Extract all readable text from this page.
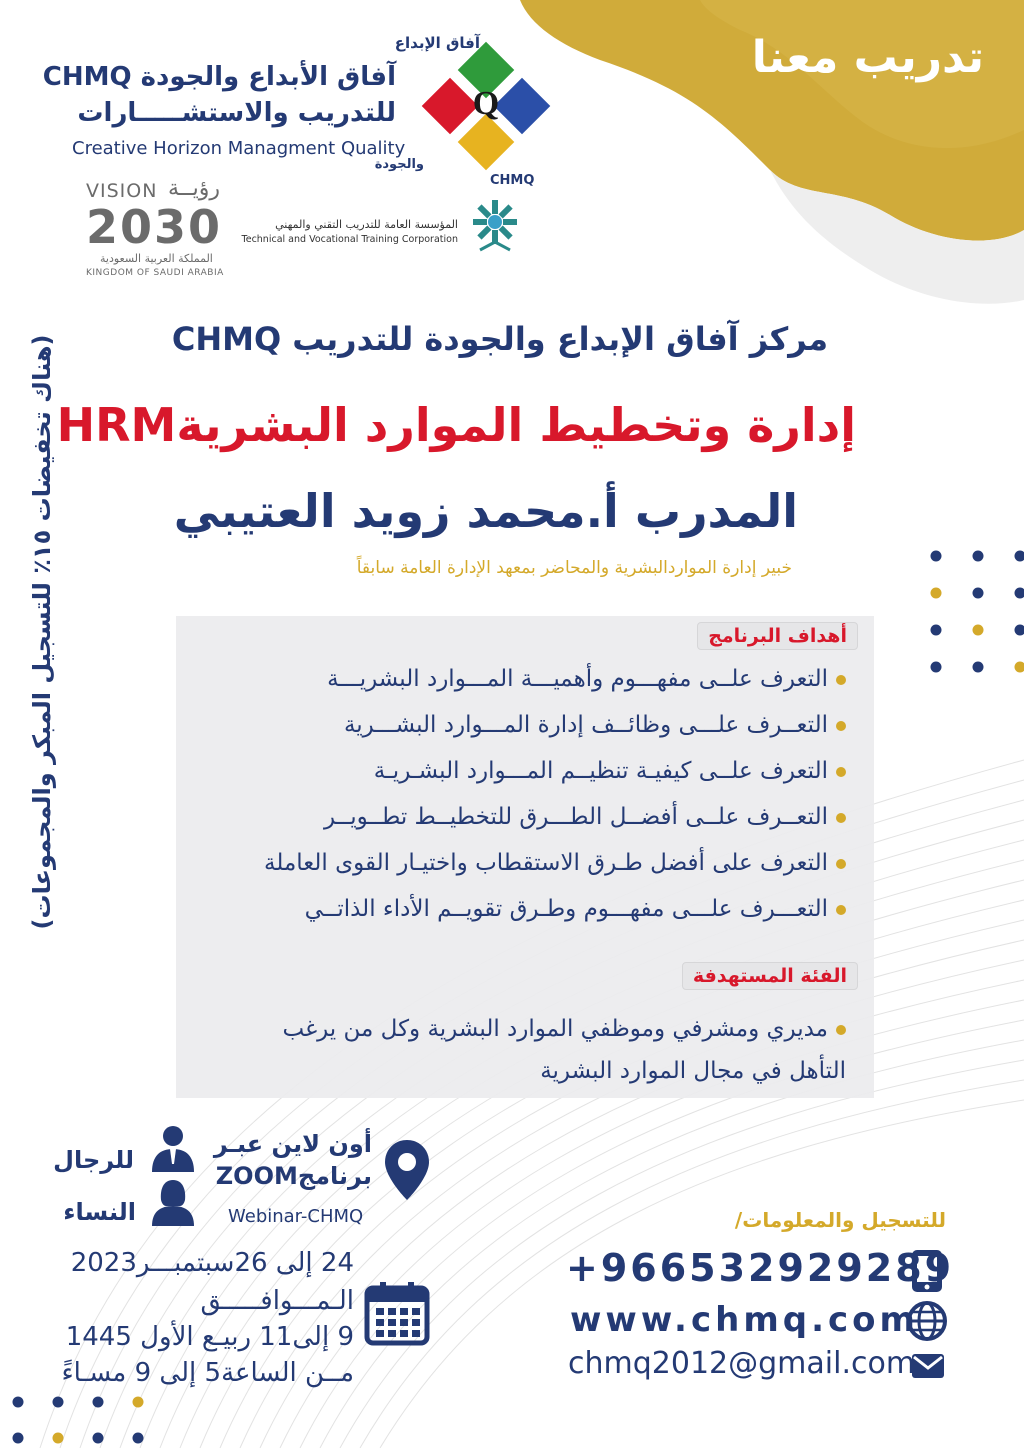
تدريب معنا
آفاق الأبداع والجودة CHMQ
للتدريب والاستشـــــارات
Creative Horizon Managment Quality
Q
آفاق الإبداع
CHMQ
والجودة
VISION رؤيــة
2030
المملكة العربية السعودية
KINGDOM OF SAUDI ARABIA
المؤسسة العامة للتدريب التقني والمهني
Technical and Vocational Training Corporation
مركز آفاق الإبداع والجودة للتدريب CHMQ
إدارة وتخطيط الموارد البشريةHRM
المدرب أ.محمد زويد العتيبي
خبير إدارة المواردالبشرية والمحاضر بمعهد الإدارة العامة سابقاً
(هناك تخفيضات ١٥٪ للتسجيل المبكر والمجموعات)
أهداف البرنامج
التعرف علــى مفهـــوم وأهميـــة المـــوارد البشريـــة
التعــرف علـــى وظائــف إدارة المـــوارد البشـــرية
التعرف علــى كيفيـة تنظيــم المـــوارد البشـريـة
التعــرف علــى أفضــل الطـــرق للتخطيــط تطــويــر
التعرف على أفضل طـرق الاستقطاب واختيـار القوى العاملة
التعـــرف علـــى مفهـــوم وطـرق تقويــم الأداء الذاتــي
الفئة المستهدفة
مديري ومشرفي وموظفي الموارد البشرية وكل من يرغب التأهل في مجال الموارد البشرية
للرجال
النساء
أون لاين عبـر
برنامجZOOM
Webinar-CHMQ
24 إلى 26سبتمبـــر2023
الـمـــوافـــــق
9 إلى11 ربيـع الأول 1445
مــن الساعة5 إلى 9 مسـاءً
للتسجيل والمعلومات/
+966532929289
www.chmq.com
chmq2012@gmail.com
